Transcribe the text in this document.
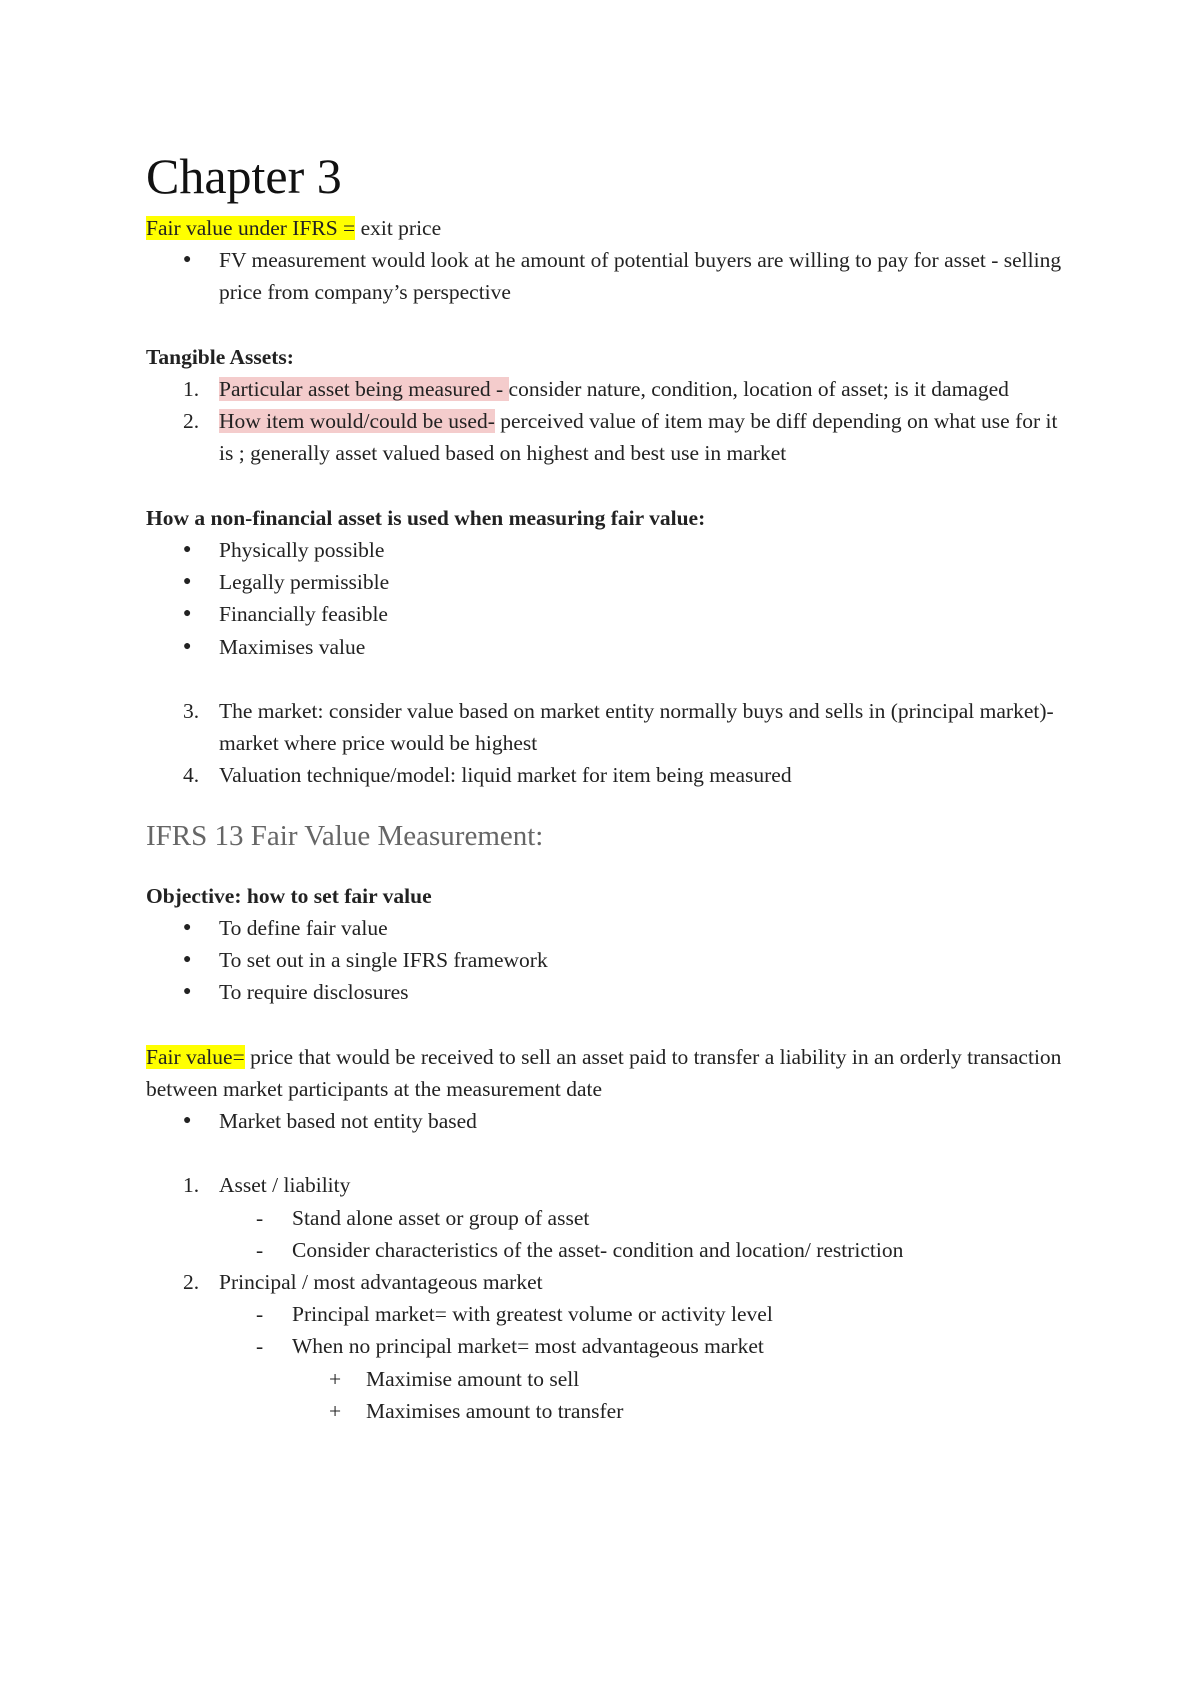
Chapter 3
Fair value under IFRS = exit price
● FV measurement would look at he amount of potential buyers are willing to pay for asset - selling price from company’s perspective
Tangible Assets:
1. Particular asset being measured - consider nature, condition, location of asset; is it damaged
2. How item would/could be used- perceived value of item may be diff depending on what use for it is ; generally asset valued based on highest and best use in market
How a non-financial asset is used when measuring fair value:
● Physically possible
● Legally permissible
● Financially feasible
● Maximises value
3. The market: consider value based on market entity normally buys and sells in (principal market)- market where price would be highest
4. Valuation technique/model: liquid market for item being measured
IFRS 13 Fair Value Measurement:
Objective: how to set fair value
● To define fair value
● To set out in a single IFRS framework
● To require disclosures
Fair value= price that would be received to sell an asset paid to transfer a liability in an orderly transaction between market participants at the measurement date
● Market based not entity based
1. Asset / liability
- Stand alone asset or group of asset
- Consider characteristics of the asset- condition and location/ restriction
2. Principal / most advantageous market
- Principal market= with greatest volume or activity level
- When no principal market= most advantageous market
+ Maximise amount to sell
+ Maximises amount to transfer
